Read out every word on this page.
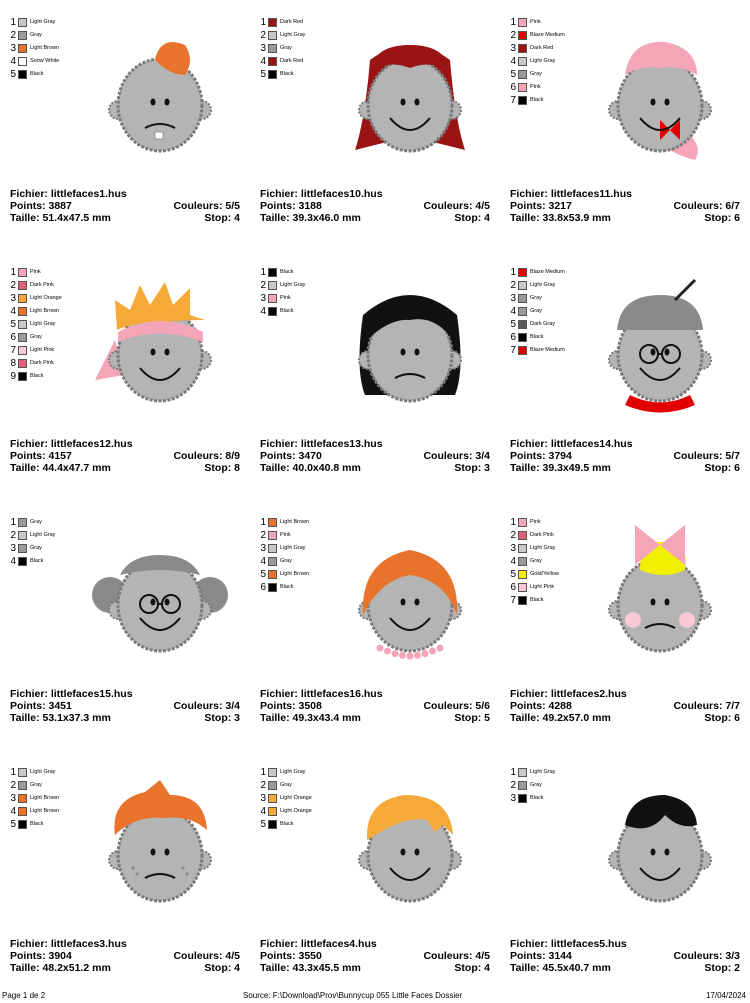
1	Light Gray
2	Gray
3	Light Brown
4	Snow White
5	Black
Fichier: littlefaces1.hus
Points: 3887	Couleurs: 5/5
Taille: 51.4x47.5 mm	Stop: 4
1	Dark Red
2	Light Gray
3	Gray
4	Dark Red
5	Black
Fichier: littlefaces10.hus
Points: 3188	Couleurs: 4/5
Taille: 39.3x46.0 mm	Stop: 4
1	Pink
2	Blaze Medium
3	Dark Red
4	Light Gray
5	Gray
6	Pink
7	Black
Fichier: littlefaces11.hus
Points: 3217	Couleurs: 6/7
Taille: 33.8x53.9 mm	Stop: 6
1	Pink
2	Dark Pink
3	Light Orange
4	Light Brown
5	Light Gray
6	Gray
7	Light Pink
8	Dark Pink
9	Black
Fichier: littlefaces12.hus
Points: 4157	Couleurs: 8/9
Taille: 44.4x47.7 mm	Stop: 8
1	Black
2	Light Gray
3	Pink
4	Black
Fichier: littlefaces13.hus
Points: 3470	Couleurs: 3/4
Taille: 40.0x40.8 mm	Stop: 3
1	Blaze Medium
2	Light Gray
3	Gray
4	Gray
5	Dark Gray
6	Black
7	Blaze Medium
Fichier: littlefaces14.hus
Points: 3794	Couleurs: 5/7
Taille: 39.3x49.5 mm	Stop: 6
1	Gray
2	Light Gray
3	Gray
4	Black
Fichier: littlefaces15.hus
Points: 3451	Couleurs: 3/4
Taille: 53.1x37.3 mm	Stop: 3
1	Light Brown
2	Pink
3	Light Gray
4	Gray
5	Light Brown
6	Black
Fichier: littlefaces16.hus
Points: 3508	Couleurs: 5/6
Taille: 49.3x43.4 mm	Stop: 5
1	Pink
2	Dark Pink
3	Light Gray
4	Gray
5	Gold/Yellow
6	Light Pink
7	Black
Fichier: littlefaces2.hus
Points: 4288	Couleurs: 7/7
Taille: 49.2x57.0 mm	Stop: 6
1	Light Gray
2	Gray
3	Light Brown
4	Light Brown
5	Black
Fichier: littlefaces3.hus
Points: 3904	Couleurs: 4/5
Taille: 48.2x51.2 mm	Stop: 4
1	Light Gray
2	Gray
3	Light Orange
4	Light Orange
5	Black
Fichier: littlefaces4.hus
Points: 3550	Couleurs: 4/5
Taille: 43.3x45.5 mm	Stop: 4
1	Light Gray
2	Gray
3	Black
Fichier: littlefaces5.hus
Points: 3144	Couleurs: 3/3
Taille: 45.5x40.7 mm	Stop: 2
Page 1 de 2	Source: F:\Download\Prov\Bunnycup 055 Little Faces Dossier	17/04/2024
